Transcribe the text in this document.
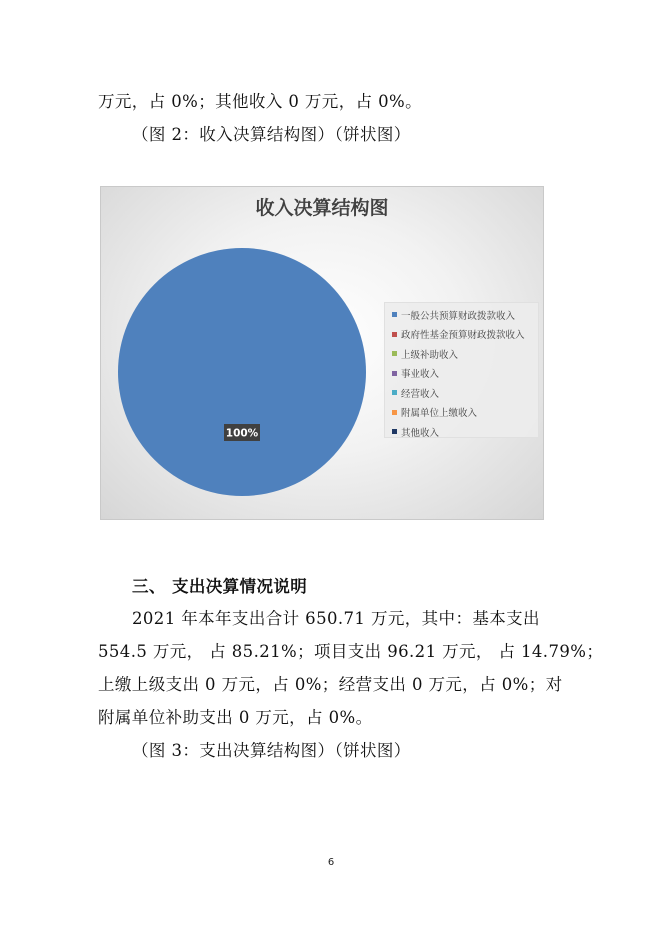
万元，占 0%；其他收入 0 万元，占 0%。
（图 2：收入决算结构图）（饼状图）
收入决算结构图
100%
一般公共预算财政拨款收入
政府性基金预算财政拨款收入
上级补助收入
事业收入
经营收入
附属单位上缴收入
其他收入
三、 支出决算情况说明
2021 年本年支出合计 650.71 万元，其中：基本支出
554.5 万元， 占 85.21%；项目支出 96.21 万元， 占 14.79%；
上缴上级支出 0 万元，占 0%；经营支出 0 万元，占 0%；对
附属单位补助支出 0 万元，占 0%。
（图 3：支出决算结构图）（饼状图）
6
